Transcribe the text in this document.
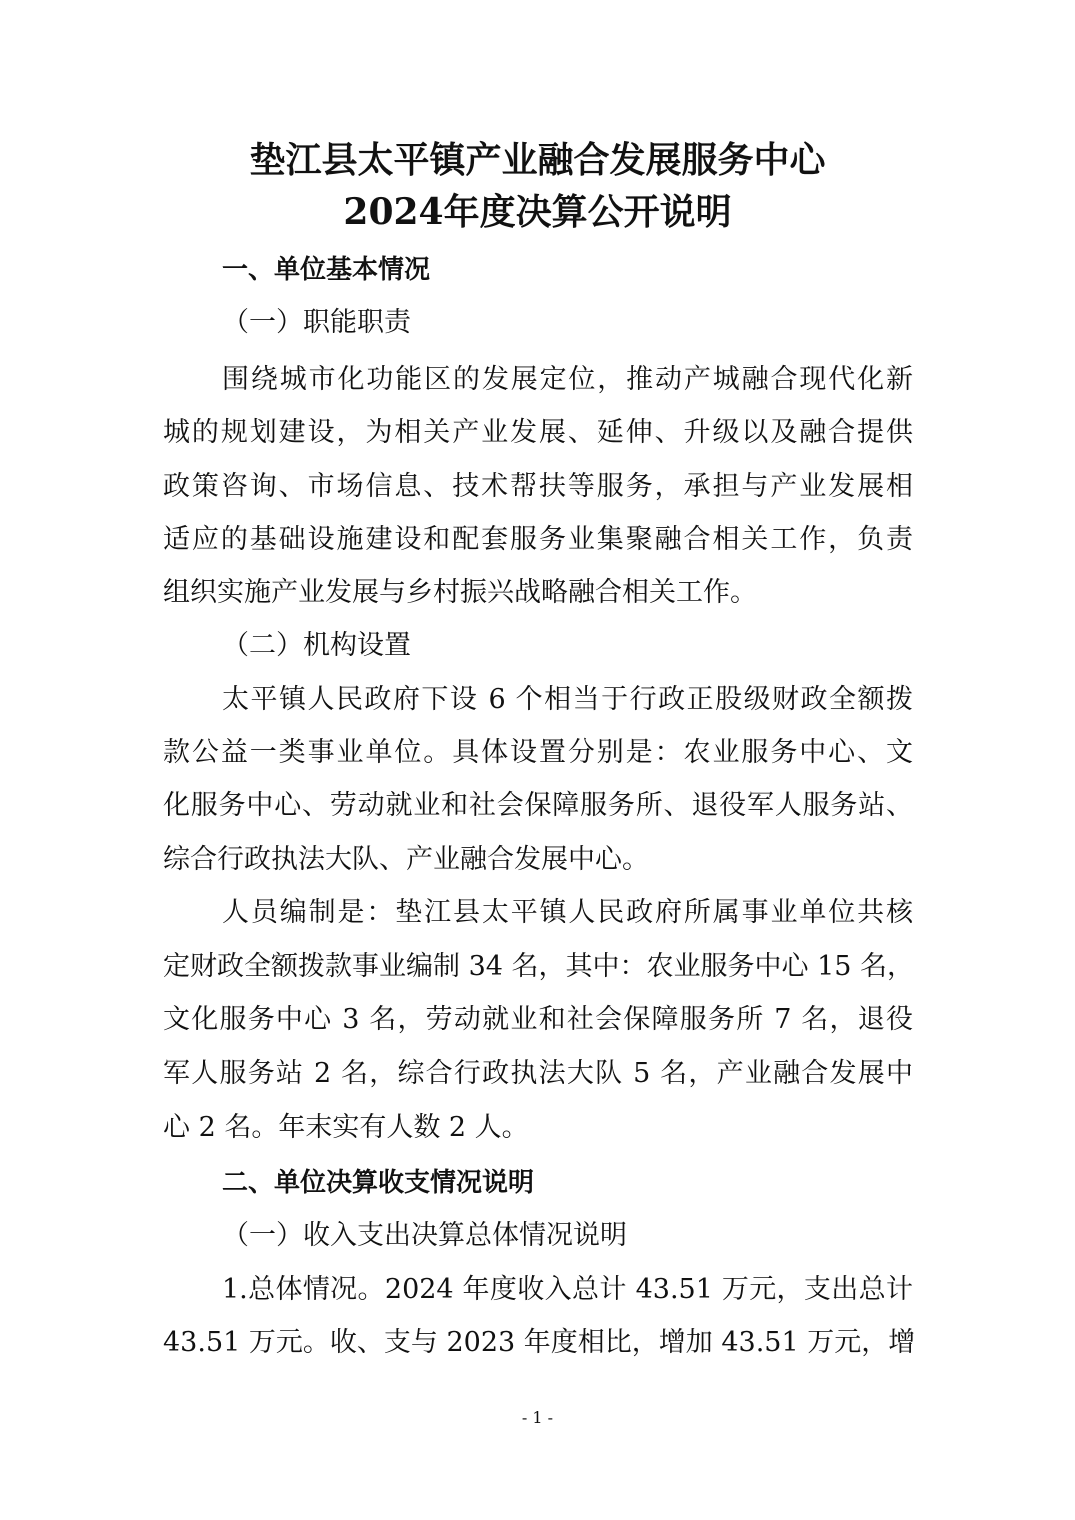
垫江县太平镇产业融合发展服务中心
2024年度决算公开说明
一、单位基本情况
（一）职能职责
围绕城市化功能区的发展定位，推动产城融合现代化新
城的规划建设，为相关产业发展、延伸、升级以及融合提供
政策咨询、市场信息、技术帮扶等服务，承担与产业发展相
适应的基础设施建设和配套服务业集聚融合相关工作，负责
组织实施产业发展与乡村振兴战略融合相关工作。
（二）机构设置
太平镇人民政府下设 6 个相当于行政正股级财政全额拨
款公益一类事业单位。具体设置分别是：农业服务中心、文
化服务中心、劳动就业和社会保障服务所、退役军人服务站、
综合行政执法大队、产业融合发展中心。
人员编制是：垫江县太平镇人民政府所属事业单位共核
定财政全额拨款事业编制 34 名，其中：农业服务中心 15 名，
文化服务中心 3 名，劳动就业和社会保障服务所 7 名，退役
军人服务站 2 名，综合行政执法大队 5 名，产业融合发展中
心 2 名。年末实有人数 2 人。
二、单位决算收支情况说明
（一）收入支出决算总体情况说明
1.总体情况。2024 年度收入总计 43.51 万元，支出总计
43.51 万元。收、支与 2023 年度相比，增加 43.51 万元，增
- 1 -
